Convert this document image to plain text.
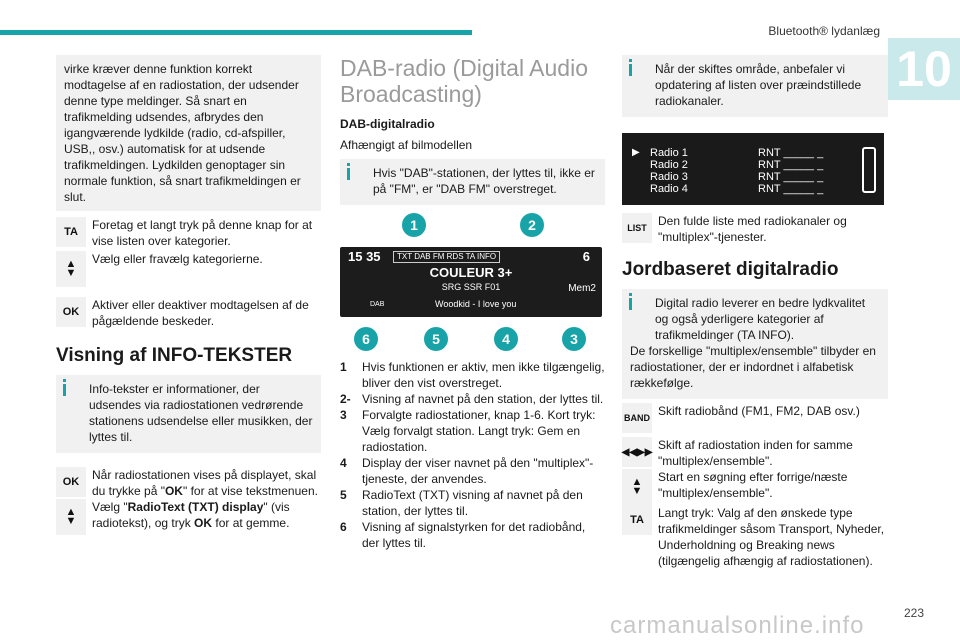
Bluetooth® lydanlæg
10
223
carmanualsonline.info

virke kræver denne funktion korrekt modtagelse af en radiostation, der udsender denne type meldinger. Så snart en trafikmelding udsendes, afbrydes den igangværende lydkilde (radio, cd-afspiller, USB,, osv.) automatisk for at udsende trafikmeldingen. Lydkilden genoptager sin normale funktion, så snart trafikmeldingen er slut.

TA	Foretag et langt tryk på denne knap for at vise listen over kategorier.

▲
▼

Vælg eller fravælg kategorierne.

OK	Aktiver eller deaktiver modtagelsen af de pågældende beskeder.

Visning af INFO-TEKSTER

Info-tekster er informationer, der udsendes via radiostationen vedrørende stationens udsendelse eller musikken, der lyttes til.

OK	Når radiostationen vises på displayet, skal du trykke på "OK" for at vise tekstmenuen.

▲
▼

Vælg "RadioText (TXT) display" (vis radiotekst), og tryk OK for at gemme.

DAB-radio (Digital Audio Broadcasting)
DAB-digitalradio

Afhængigt af bilmodellen

Hvis "DAB"-stationen, der lyttes til, ikke er på "FM", er "DAB FM" overstreget.

15 35	TXT DAB FM RDS TA INFO	6
COULEUR 3+
SRG SSR F01
Woodkid - I love you
Mem2
DAB
1	2
6	5	4	3
1	Hvis funktionen er aktiv, men ikke tilgængelig, bliver den vist overstreget.
2- Visning af navnet på den station, der lyttes til.
3	Forvalgte radiostationer, knap 1-6. Kort tryk: Vælg forvalgt station. Langt tryk: Gem en radiostation.
4	Display der viser navnet på den "multiplex"-tjeneste, der anvendes.
5	RadioText (TXT) visning af navnet på den station, der lyttes til.
6	Visning af signalstyrken for det radiobånd, der lyttes til.

Når der skiftes område, anbefaler vi opdatering af listen over præindstillede radiokanaler.

▶ Radio 1	RNT _____ _
Radio 2	RNT _____ _
Radio 3	RNT _____ _
Radio 4	RNT _____ _
LIST Den fulde liste med radiokanaler og "multiplex"-tjenester.

Jordbaseret digitalradio

Digital radio leverer en bedre lydkvalitet og også yderligere kategorier af trafikmeldinger (TA INFO).

De forskellige "multiplex/ensemble" tilbyder en radiostationer, der er indordnet i alfabetisk rækkefølge.

BAND Skift radiobånd (FM1, FM2, DAB osv.)

◀◀▶▶ Skift af radiostation inden for samme "multiplex/ensemble".

▲
▼

Start en søgning efter forrige/næste "multiplex/ensemble".

TA	Langt tryk: Valg af den ønskede type trafikmeldinger såsom Transport, Nyheder, Underholdning og Breaking news (tilgængelig afhængig af radiostationen).
